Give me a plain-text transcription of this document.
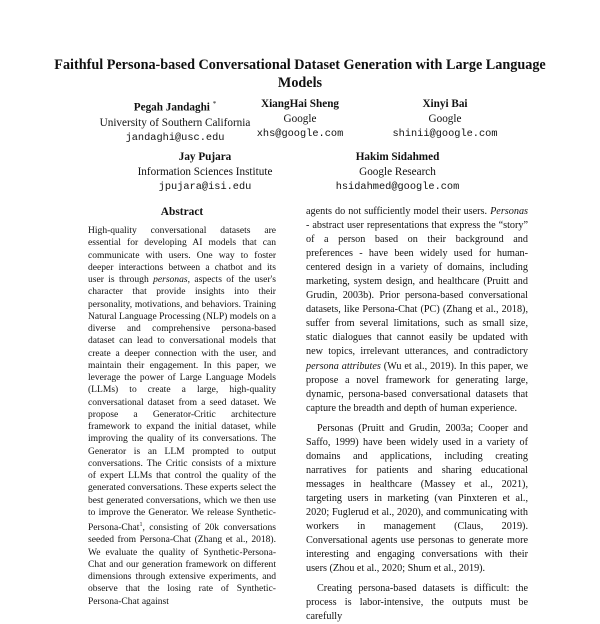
Faithful Persona-based Conversational Dataset Generation with Large Language Models
Pegah Jandaghi *
University of Southern California
jandaghi@usc.edu
XiangHai Sheng
Google
xhs@google.com
Xinyi Bai
Google
shinii@google.com
Jay Pujara
Information Sciences Institute
jpujara@isi.edu
Hakim Sidahmed
Google Research
hsidahmed@google.com
Abstract
High-quality conversational datasets are essential for developing AI models that can communicate with users. One way to foster deeper interactions between a chatbot and its user is through personas, aspects of the user's character that provide insights into their personality, motivations, and behaviors. Training Natural Language Processing (NLP) models on a diverse and comprehensive persona-based dataset can lead to conversational models that create a deeper connection with the user, and maintain their engagement. In this paper, we leverage the power of Large Language Models (LLMs) to create a large, high-quality conversational dataset from a seed dataset. We propose a Generator-Critic architecture framework to expand the initial dataset, while improving the quality of its conversations. The Generator is an LLM prompted to output conversations. The Critic consists of a mixture of expert LLMs that control the quality of the generated conversations. These experts select the best generated conversations, which we then use to improve the Generator. We release Synthetic-Persona-Chat$^1$, consisting of 20k conversations seeded from Persona-Chat (Zhang et al., 2018). We evaluate the quality of Synthetic-Persona-Chat and our generation framework on different dimensions through extensive experiments, and observe that the losing rate of Synthetic-Persona-Chat against

agents do not sufficiently model their users. Personas - abstract user representations that express the “story” of a person based on their background and preferences - have been widely used for human-centered design in a variety of domains, including marketing, system design, and healthcare (Pruitt and Grudin, 2003b). Prior persona-based conversational datasets, like Persona-Chat (PC) (Zhang et al., 2018), suffer from several limitations, such as small size, static dialogues that cannot easily be updated with new topics, irrelevant utterances, and contradictory persona attributes (Wu et al., 2019). In this paper, we propose a novel framework for generating large, dynamic, persona-based conversational datasets that capture the breadth and depth of human experience.

Personas (Pruitt and Grudin, 2003a; Cooper and Saffo, 1999) have been widely used in a variety of domains and applications, including creating narratives for patients and sharing educational messages in healthcare (Massey et al., 2021), targeting users in marketing (van Pinxteren et al., 2020; Fuglerud et al., 2020), and communicating with workers in management (Claus, 2019). Conversational agents use personas to generate more interesting and engaging conversations with their users (Zhou et al., 2020; Shum et al., 2019).

Creating persona-based datasets is difficult: the process is labor-intensive, the outputs must be carefully
